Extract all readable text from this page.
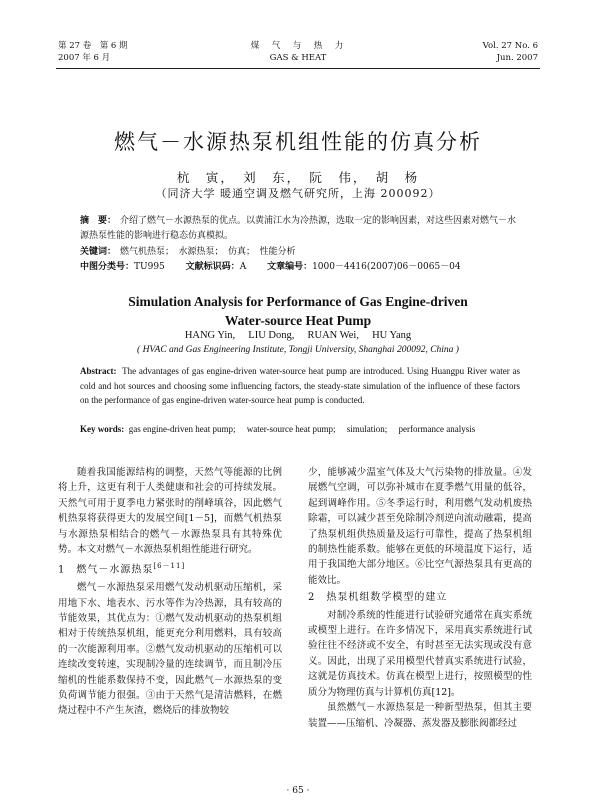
第 27 卷　第 6 期
2007 年 6 月
煤　气　与　热　力
GAS & HEAT
Vol. 27 No. 6
Jun. 2007
燃气－水源热泵机组性能的仿真分析
杭　寅，　刘　东，　阮　伟，　胡　杨
（同济大学 暖通空调及燃气研究所，上海 200092）
摘　要： 介绍了燃气－水源热泵的优点。以黄浦江水为冷热源，选取一定的影响因素，对这些因素对燃气－水源热泵性能的影响进行稳态仿真模拟。
关键词： 燃气机热泵；　水源热泵；　仿真；　性能分析
中图分类号：TU995 文献标识码：A 文章编号：1000－4416(2007)06－0065－04
Simulation Analysis for Performance of Gas Engine-driven
Water-source Heat Pump
HANG Yin,　 LIU Dong,　 RUAN Wei,　 HU Yang
( HVAC and Gas Engineering Institute, Tongji University, Shanghai 200092, China )
Abstract: The advantages of gas engine-driven water-source heat pump are introduced. Using Huangpu River water as cold and hot sources and choosing some influencing factors, the steady-state simulation of the influence of these factors on the performance of gas engine-driven water-source heat pump is conducted.
Key words: gas engine-driven heat pump;　 water-source heat pump;　 simulation;　 performance analysis

随着我国能源结构的调整，天然气等能源的比例将上升，这更有利于人类健康和社会的可持续发展。天然气可用于夏季电力紧张时的削峰填谷，因此燃气机热泵将获得更大的发展空间[1－5]，而燃气机热泵与水源热泵相结合的燃气－水源热泵具有其特殊优势。本文对燃气－水源热泵机组性能进行研究。

1　燃气－水源热泵[6－11]

燃气－水源热泵采用燃气发动机驱动压缩机，采用地下水、地表水、污水等作为冷热源，具有较高的节能效果，其优点为：①燃气发动机驱动的热泵机组相对于传统热泵机组，能更充分利用燃料，具有较高的一次能源利用率。②燃气发动机驱动的压缩机可以连续改变转速，实现制冷量的连续调节，而且制冷压缩机的性能系数保持不变，因此燃气－水源热泵的变负荷调节能力很强。③由于天然气是清洁燃料，在燃烧过程中不产生灰渣，燃烧后的排放物较

少，能够减少温室气体及大气污染物的排放量。④发展燃气空调，可以弥补城市在夏季燃气用量的低谷，起到调峰作用。⑤冬季运行时，利用燃气发动机废热除霜，可以减少甚至免除制冷剂逆向流动融霜，提高了热泵机组供热质量及运行可靠性，提高了热泵机组的制热性能系数。能够在更低的环境温度下运行，适用于我国绝大部分地区。⑥比空气源热泵具有更高的能效比。

2　热泵机组数学模型的建立

对制冷系统的性能进行试验研究通常在真实系统或模型上进行。在许多情况下，采用真实系统进行试验往往不经济或不安全，有时甚至无法实现或没有意义。因此，出现了采用模型代替真实系统进行试验，这就是仿真技术。仿真在模型上进行，按照模型的性质分为物理仿真与计算机仿真[12]。

虽然燃气－水源热泵是一种新型热泵，但其主要装置——压缩机、冷凝器、蒸发器及膨胀阀都经过

· 65 ·
